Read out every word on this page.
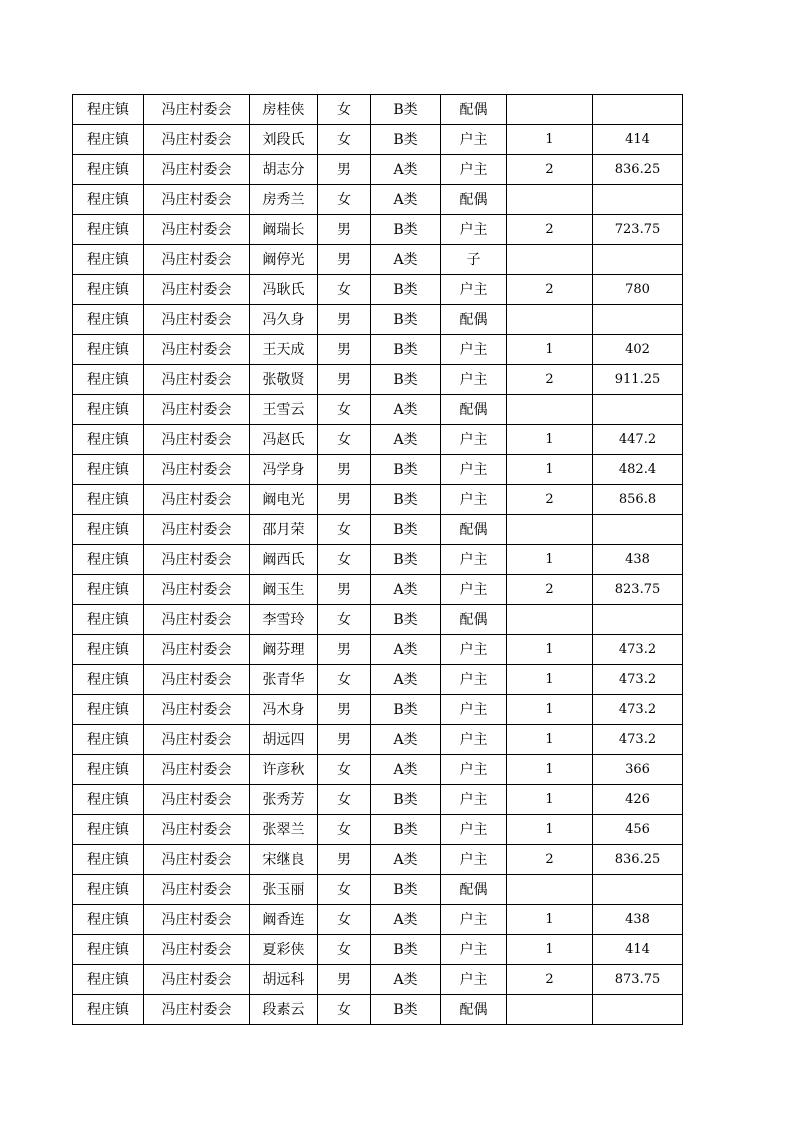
程庄镇	冯庄村委会	房桂侠	女	B类	配偶		
程庄镇	冯庄村委会	刘段氏	女	B类	户主	1	414
程庄镇	冯庄村委会	胡志分	男	A类	户主	2	836.25
程庄镇	冯庄村委会	房秀兰	女	A类	配偶		
程庄镇	冯庄村委会	阚瑞长	男	B类	户主	2	723.75
程庄镇	冯庄村委会	阚停光	男	A类	子		
程庄镇	冯庄村委会	冯耿氏	女	B类	户主	2	780
程庄镇	冯庄村委会	冯久身	男	B类	配偶		
程庄镇	冯庄村委会	王天成	男	B类	户主	1	402
程庄镇	冯庄村委会	张敬贤	男	B类	户主	2	911.25
程庄镇	冯庄村委会	王雪云	女	A类	配偶		
程庄镇	冯庄村委会	冯赵氏	女	A类	户主	1	447.2
程庄镇	冯庄村委会	冯学身	男	B类	户主	1	482.4
程庄镇	冯庄村委会	阚电光	男	B类	户主	2	856.8
程庄镇	冯庄村委会	邵月荣	女	B类	配偶		
程庄镇	冯庄村委会	阚西氏	女	B类	户主	1	438
程庄镇	冯庄村委会	阚玉生	男	A类	户主	2	823.75
程庄镇	冯庄村委会	李雪玲	女	B类	配偶		
程庄镇	冯庄村委会	阚芬理	男	A类	户主	1	473.2
程庄镇	冯庄村委会	张青华	女	A类	户主	1	473.2
程庄镇	冯庄村委会	冯木身	男	B类	户主	1	473.2
程庄镇	冯庄村委会	胡远四	男	A类	户主	1	473.2
程庄镇	冯庄村委会	许彦秋	女	A类	户主	1	366
程庄镇	冯庄村委会	张秀芳	女	B类	户主	1	426
程庄镇	冯庄村委会	张翠兰	女	B类	户主	1	456
程庄镇	冯庄村委会	宋继良	男	A类	户主	2	836.25
程庄镇	冯庄村委会	张玉丽	女	B类	配偶		
程庄镇	冯庄村委会	阚香连	女	A类	户主	1	438
程庄镇	冯庄村委会	夏彩侠	女	B类	户主	1	414
程庄镇	冯庄村委会	胡远科	男	A类	户主	2	873.75
程庄镇	冯庄村委会	段素云	女	B类	配偶		
